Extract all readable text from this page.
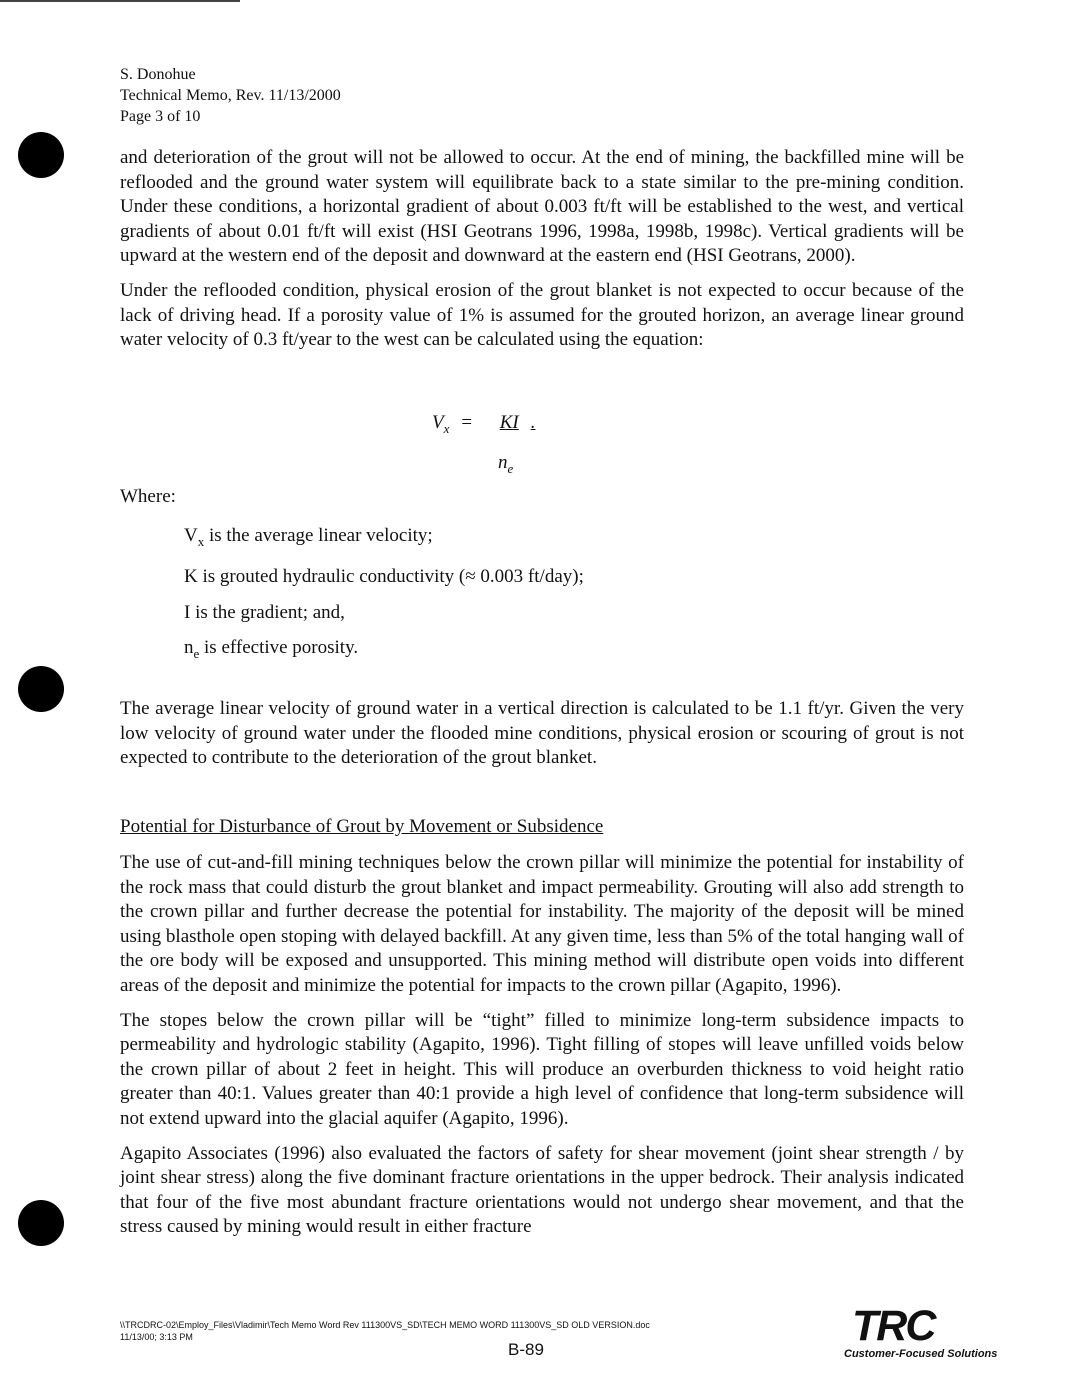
S. Donohue
Technical Memo, Rev. 11/13/2000
Page 3 of 10

and deterioration of the grout will not be allowed to occur. At the end of mining, the backfilled mine will be reflooded and the ground water system will equilibrate back to a state similar to the pre-mining condition. Under these conditions, a horizontal gradient of about 0.003 ft/ft will be established to the west, and vertical gradients of about 0.01 ft/ft will exist (HSI Geotrans 1996, 1998a, 1998b, 1998c). Vertical gradients will be upward at the western end of the deposit and downward at the eastern end (HSI Geotrans, 2000).

Under the reflooded condition, physical erosion of the grout blanket is not expected to occur because of the lack of driving head. If a porosity value of 1% is assumed for the grouted horizon, an average linear ground water velocity of 0.3 ft/year to the west can be calculated using the equation:

$V_x$ = KI .
$n_e$
Where:
$V_x$ is the average linear velocity;
K is grouted hydraulic conductivity (≈ 0.003 ft/day);
I is the gradient; and,
$n_e$ is effective porosity.

The average linear velocity of ground water in a vertical direction is calculated to be 1.1 ft/yr. Given the very low velocity of ground water under the flooded mine conditions, physical erosion or scouring of grout is not expected to contribute to the deterioration of the grout blanket.

Potential for Disturbance of Grout by Movement or Subsidence

The use of cut-and-fill mining techniques below the crown pillar will minimize the potential for instability of the rock mass that could disturb the grout blanket and impact permeability. Grouting will also add strength to the crown pillar and further decrease the potential for instability. The majority of the deposit will be mined using blasthole open stoping with delayed backfill. At any given time, less than 5% of the total hanging wall of the ore body will be exposed and unsupported. This mining method will distribute open voids into different areas of the deposit and minimize the potential for impacts to the crown pillar (Agapito, 1996).

The stopes below the crown pillar will be “tight” filled to minimize long-term subsidence impacts to permeability and hydrologic stability (Agapito, 1996). Tight filling of stopes will leave unfilled voids below the crown pillar of about 2 feet in height. This will produce an overburden thickness to void height ratio greater than 40:1. Values greater than 40:1 provide a high level of confidence that long-term subsidence will not extend upward into the glacial aquifer (Agapito, 1996).

Agapito Associates (1996) also evaluated the factors of safety for shear movement (joint shear strength / by joint shear stress) along the five dominant fracture orientations in the upper bedrock. Their analysis indicated that four of the five most abundant fracture orientations would not undergo shear movement, and that the stress caused by mining would result in either fracture

\\TRCDRC-02\Employ_Files\Vladimir\Tech Memo Word Rev 111300VS_SD\TECH MEMO WORD 111300VS_SD OLD VERSION.doc
11/13/00; 3:13 PM
B-89	TRC
Customer-Focused Solutions
